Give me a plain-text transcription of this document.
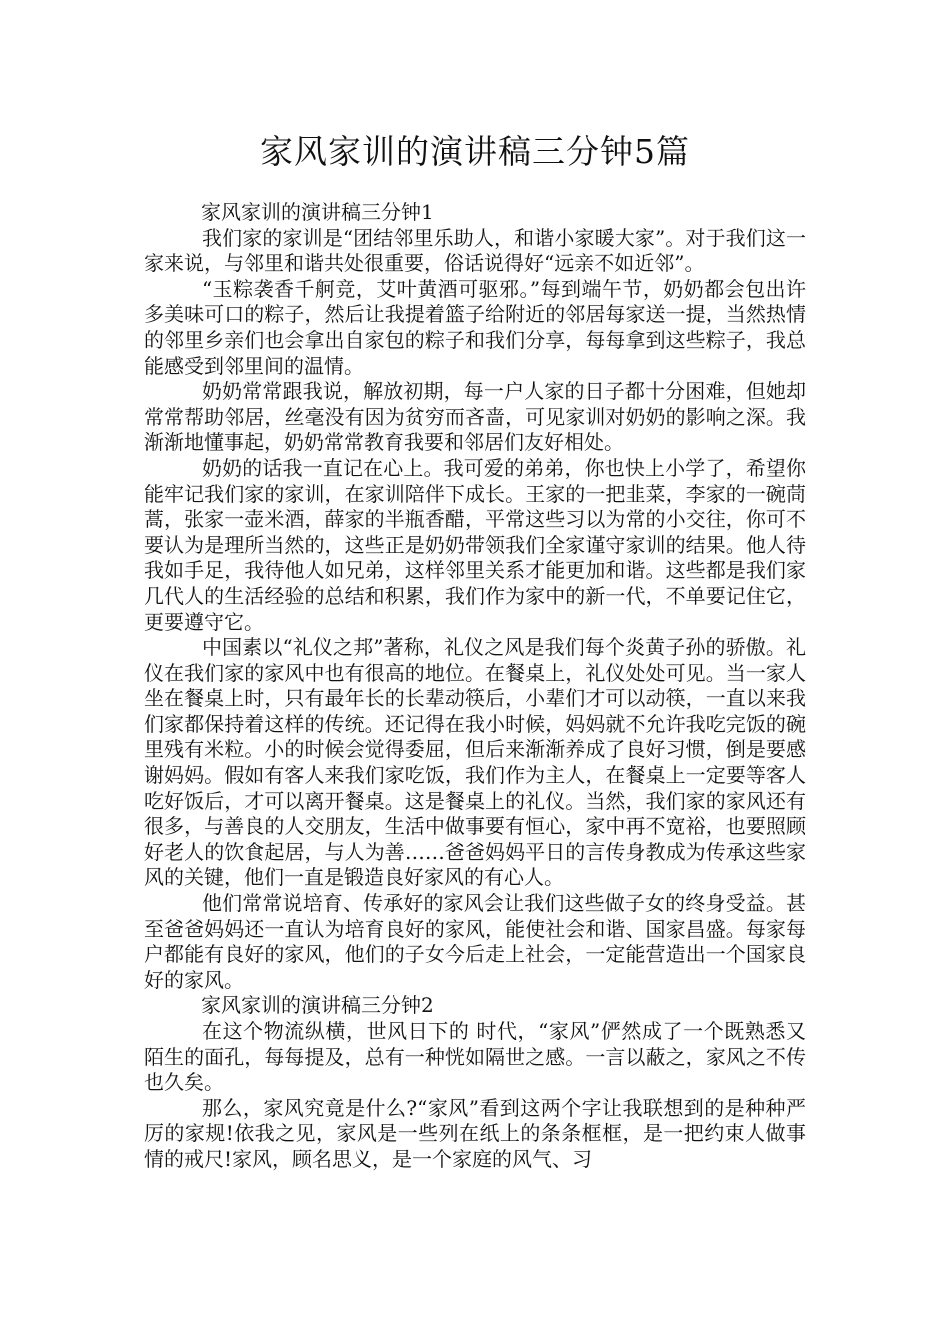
家风家训的演讲稿三分钟5篇

家风家训的演讲稿三分钟1

我们家的家训是“团结邻里乐助人，和谐小家暖大家”。对于我们这一家来说，与邻里和谐共处很重要，俗话说得好“远亲不如近邻”。

“玉粽袭香千舸竞，艾叶黄酒可驱邪。”每到端午节，奶奶都会包出许多美味可口的粽子，然后让我提着篮子给附近的邻居每家送一提，当然热情的邻里乡亲们也会拿出自家包的粽子和我们分享，每每拿到这些粽子，我总能感受到邻里间的温情。

奶奶常常跟我说，解放初期，每一户人家的日子都十分困难，但她却常常帮助邻居，丝毫没有因为贫穷而吝啬，可见家训对奶奶的影响之深。我渐渐地懂事起，奶奶常常教育我要和邻居们友好相处。

奶奶的话我一直记在心上。我可爱的弟弟，你也快上小学了，希望你能牢记我们家的家训，在家训陪伴下成长。王家的一把韭菜，李家的一碗茼蒿，张家一壶米酒，薛家的半瓶香醋，平常这些习以为常的小交往，你可不要认为是理所当然的，这些正是奶奶带领我们全家谨守家训的结果。他人待我如手足，我待他人如兄弟，这样邻里关系才能更加和谐。这些都是我们家几代人的生活经验的总结和积累，我们作为家中的新一代，不单要记住它，更要遵守它。

中国素以“礼仪之邦”著称，礼仪之风是我们每个炎黄子孙的骄傲。礼仪在我们家的家风中也有很高的地位。在餐桌上，礼仪处处可见。当一家人坐在餐桌上时，只有最年长的长辈动筷后，小辈们才可以动筷，一直以来我们家都保持着这样的传统。还记得在我小时候，妈妈就不允许我吃完饭的碗里残有米粒。小的时候会觉得委屈，但后来渐渐养成了良好习惯，倒是要感谢妈妈。假如有客人来我们家吃饭，我们作为主人，在餐桌上一定要等客人吃好饭后，才可以离开餐桌。这是餐桌上的礼仪。当然，我们家的家风还有很多，与善良的人交朋友，生活中做事要有恒心，家中再不宽裕，也要照顾好老人的饮食起居，与人为善……爸爸妈妈平日的言传身教成为传承这些家风的关键，他们一直是锻造良好家风的有心人。

他们常常说培育、传承好的家风会让我们这些做子女的终身受益。甚至爸爸妈妈还一直认为培育良好的家风，能使社会和谐、国家昌盛。每家每户都能有良好的家风，他们的子女今后走上社会，一定能营造出一个国家良好的家风。

家风家训的演讲稿三分钟2

在这个物流纵横，世风日下的 时代，“家风”俨然成了一个既熟悉又陌生的面孔，每每提及，总有一种恍如隔世之感。一言以蔽之，家风之不传也久矣。

那么，家风究竟是什么?“家风”看到这两个字让我联想到的是种种严厉的家规!依我之见，家风是一些列在纸上的条条框框，是一把约束人做事情的戒尺!家风，顾名思义，是一个家庭的风气、习
